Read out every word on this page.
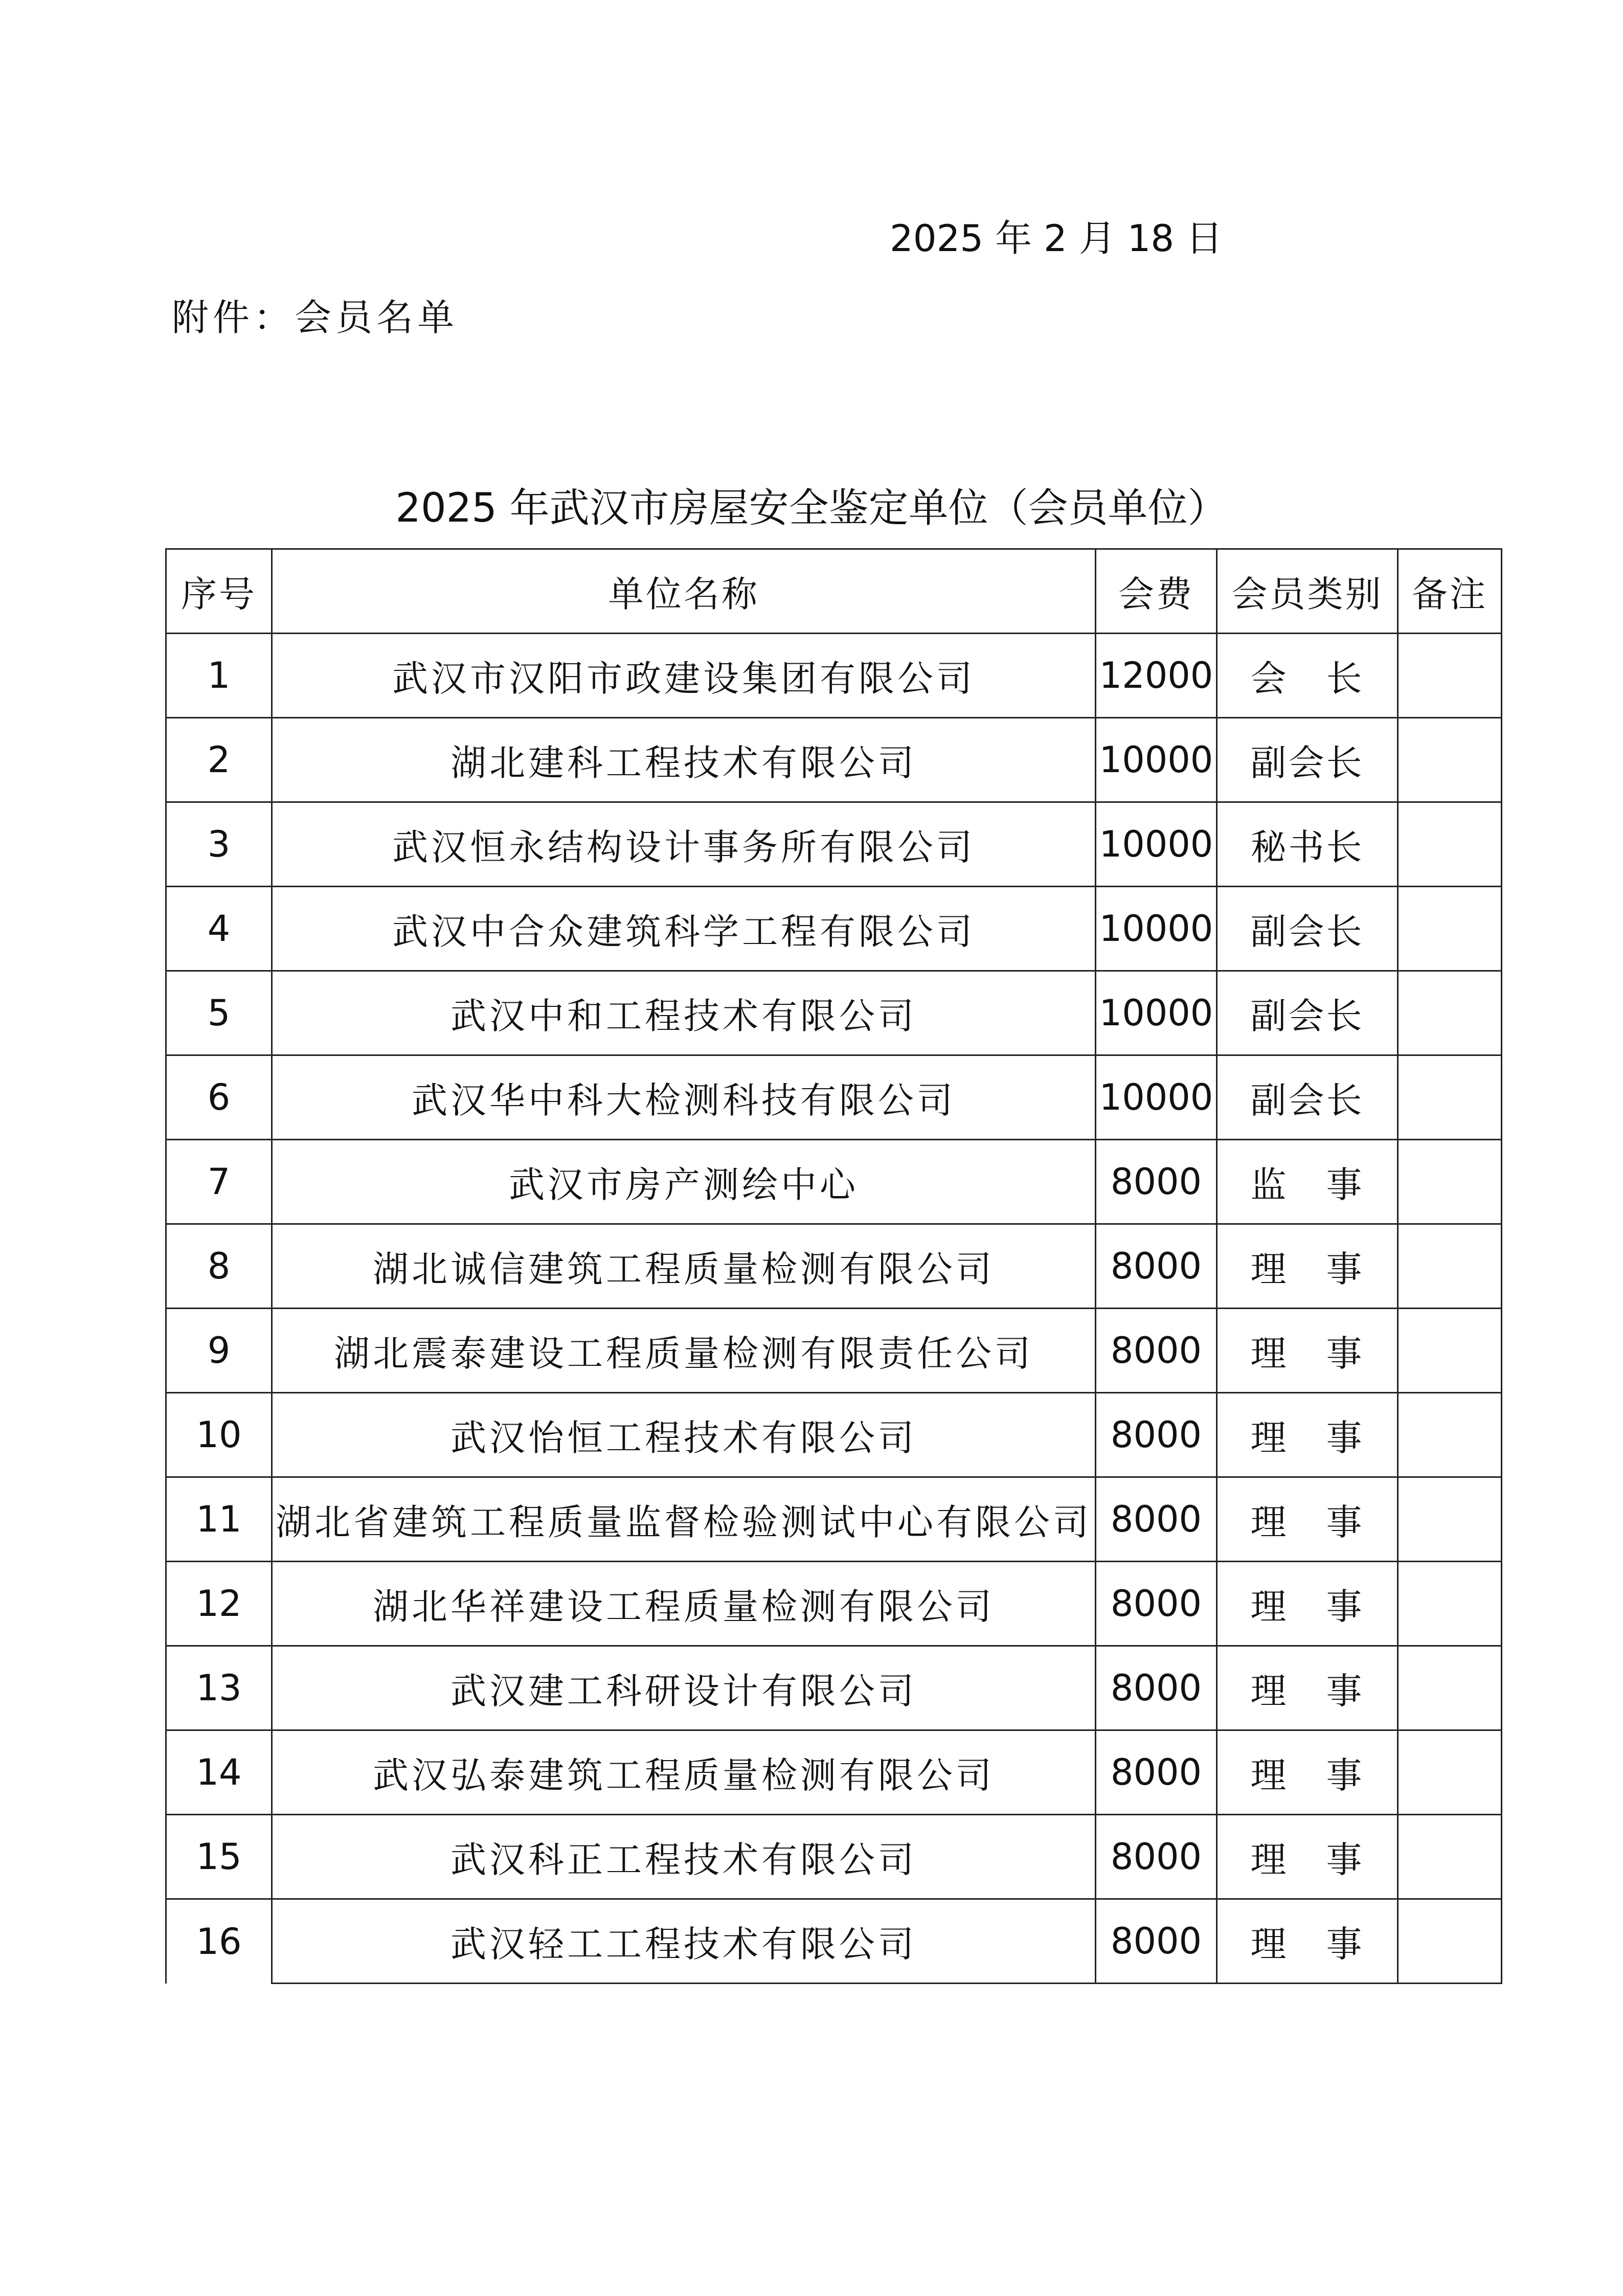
2025 年 2 月 18 日
附件：会员名单
2025 年武汉市房屋安全鉴定单位（会员单位）
序号	单位名称	会费	会员类别	备注
1	武汉市汉阳市政建设集团有限公司	12000	会　长	
2	湖北建科工程技术有限公司	10000	副会长	
3	武汉恒永结构设计事务所有限公司	10000	秘书长	
4	武汉中合众建筑科学工程有限公司	10000	副会长	
5	武汉中和工程技术有限公司	10000	副会长	
6	武汉华中科大检测科技有限公司	10000	副会长	
7	武汉市房产测绘中心	8000	监　事	
8	湖北诚信建筑工程质量检测有限公司	8000	理　事	
9	湖北震泰建设工程质量检测有限责任公司	8000	理　事	
10	武汉怡恒工程技术有限公司	8000	理　事	
11	湖北省建筑工程质量监督检验测试中心有限公司	8000	理　事	
12	湖北华祥建设工程质量检测有限公司	8000	理　事	
13	武汉建工科研设计有限公司	8000	理　事	
14	武汉弘泰建筑工程质量检测有限公司	8000	理　事	
15	武汉科正工程技术有限公司	8000	理　事	
16	武汉轻工工程技术有限公司	8000	理　事	
